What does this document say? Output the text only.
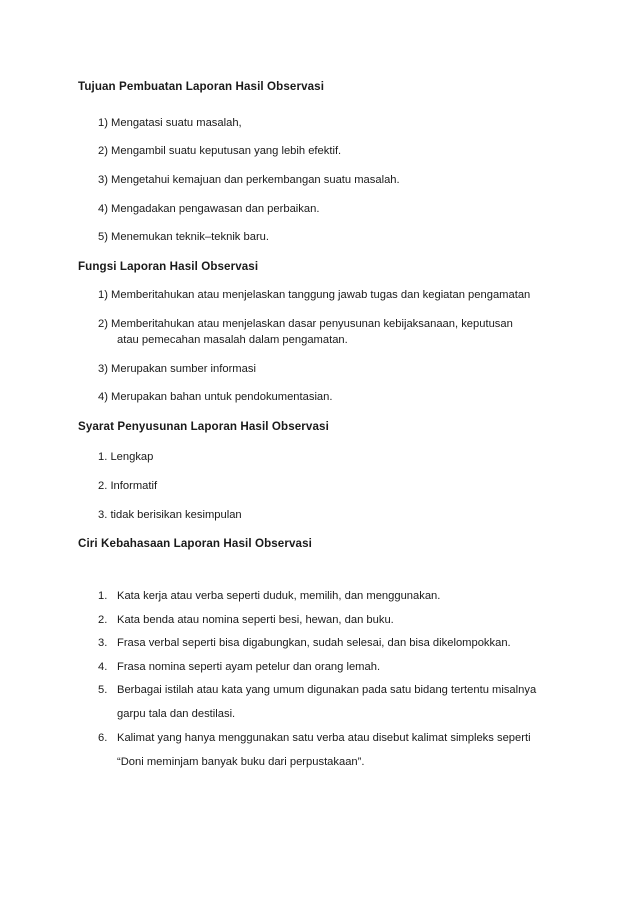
Tujuan Pembuatan Laporan Hasil Observasi
1) Mengatasi suatu masalah,
2) Mengambil suatu keputusan yang lebih efektif.
3) Mengetahui kemajuan dan perkembangan suatu masalah.
4) Mengadakan pengawasan dan perbaikan.
5) Menemukan teknik–teknik baru.
Fungsi Laporan Hasil Observasi
1) Memberitahukan atau menjelaskan tanggung jawab tugas dan kegiatan pengamatan
2) Memberitahukan atau menjelaskan dasar penyusunan kebijaksanaan, keputusan
atau pemecahan masalah dalam pengamatan.
3) Merupakan sumber informasi
4) Merupakan bahan untuk pendokumentasian.
Syarat Penyusunan Laporan Hasil Observasi
1. Lengkap
2. Informatif
3. tidak berisikan kesimpulan
Ciri Kebahasaan Laporan Hasil Observasi
1. Kata kerja atau verba seperti duduk, memilih, dan menggunakan.
2. Kata benda atau nomina seperti besi, hewan, dan buku.
3. Frasa verbal seperti bisa digabungkan, sudah selesai, dan bisa dikelompokkan.
4. Frasa nomina seperti ayam petelur dan orang lemah.
5. Berbagai istilah atau kata yang umum digunakan pada satu bidang tertentu misalnya
garpu tala dan destilasi.
6. Kalimat yang hanya menggunakan satu verba atau disebut kalimat simpleks seperti
“Doni meminjam banyak buku dari perpustakaan”.
